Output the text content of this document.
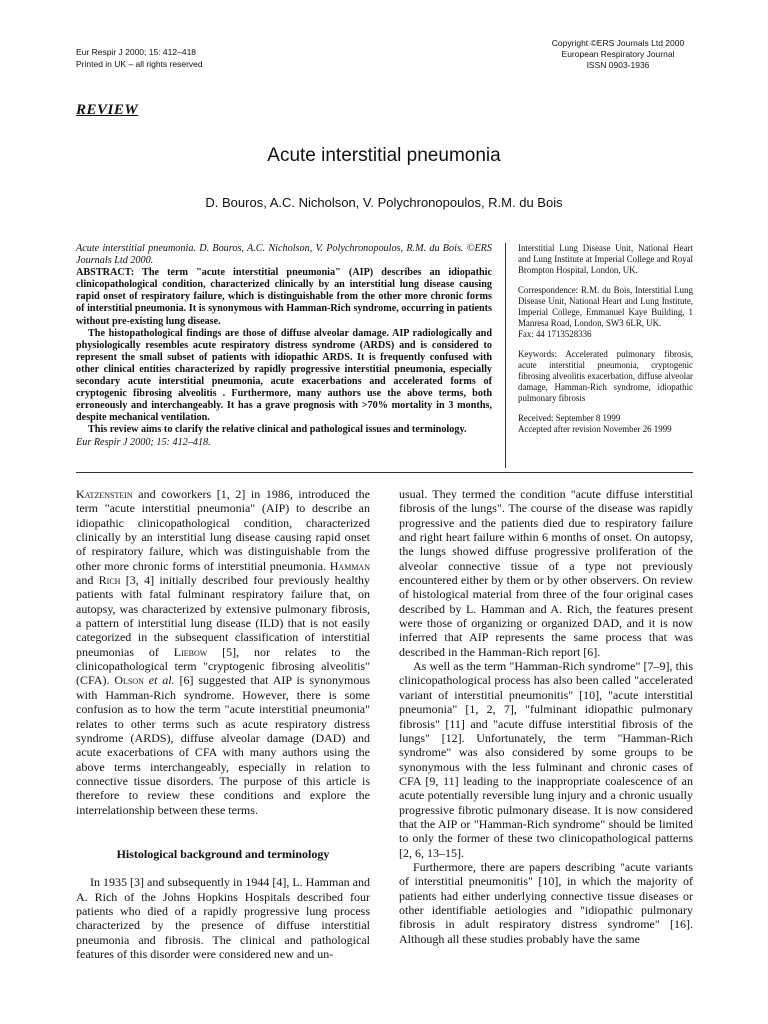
Eur Respir J 2000; 15: 412–418
Printed in UK – all rights reserved
Copyright ©ERS Journals Ltd 2000
European Respiratory Journal
ISSN 0903-1936
REVIEW
Acute interstitial pneumonia
D. Bouros, A.C. Nicholson, V. Polychronopoulos, R.M. du Bois

Acute interstitial pneumonia. D. Bouros, A.C. Nicholson, V. Polychronopoulos, R.M. du Bois. ©ERS Journals Ltd 2000.

ABSTRACT: The term "acute interstitial pneumonia" (AIP) describes an idiopathic clinicopathological condition, characterized clinically by an interstitial lung disease causing rapid onset of respiratory failure, which is distinguishable from the other more chronic forms of interstitial pneumonia. It is synonymous with Hamman-Rich syndrome, occurring in patients without pre-existing lung disease.

The histopathological findings are those of diffuse alveolar damage. AIP radiologically and physiologically resembles acute respiratory distress syndrome (ARDS) and is considered to represent the small subset of patients with idiopathic ARDS. It is frequently confused with other clinical entities characterized by rapidly progressive interstitial pneumonia, especially secondary acute interstitial pneumonia, acute exacerbations and accelerated forms of cryptogenic fibrosing alveolitis . Furthermore, many authors use the above terms, both erroneously and interchangeably. It has a grave prognosis with >70% mortality in 3 months, despite mechanical ventilation.

This review aims to clarify the relative clinical and pathological issues and terminology.

Eur Respir J 2000; 15: 412–418.

Interstitial Lung Disease Unit, National Heart and Lung Institute at Imperial College and Royal Brompton Hospital, London, UK.

Correspondence: R.M. du Bois, Interstitial Lung Disease Unit, National Heart and Lung Institute, Imperial College, Emmanuel Kaye Building, 1 Manresa Road, London, SW3 6LR, UK.
Fax: 44 1713528336

Keywords: Accelerated pulmonary fibrosis, acute interstitial pneumonia, cryptogenic fibrosing alveolitis exacerbation, diffuse alveolar damage, Hamman-Rich syndrome, idiopathic pulmonary fibrosis

Received: September 8 1999
Accepted after revision November 26 1999

Katzenstein and coworkers [1, 2] in 1986, introduced the term "acute interstitial pneumonia" (AIP) to describe an idiopathic clinicopathological condition, characterized clinically by an interstitial lung disease causing rapid onset of respiratory failure, which was distinguishable from the other more chronic forms of interstitial pneumonia. Hamman and Rich [3, 4] initially described four previously healthy patients with fatal fulminant respiratory failure that, on autopsy, was characterized by extensive pulmonary fibrosis, a pattern of interstitial lung disease (ILD) that is not easily categorized in the subsequent classification of interstitial pneumonias of Liebow [5], nor relates to the clinicopathological term "cryptogenic fibrosing alveolitis" (CFA). Olson et al. [6] suggested that AIP is synonymous with Hamman-Rich syndrome. However, there is some confusion as to how the term "acute interstitial pneumonia" relates to other terms such as acute respiratory distress syndrome (ARDS), diffuse alveolar damage (DAD) and acute exacerbations of CFA with many authors using the above terms interchangeably, especially in relation to connective tissue disorders. The purpose of this article is therefore to review these conditions and explore the interrelationship between these terms.

Histological background and terminology

In 1935 [3] and subsequently in 1944 [4], L. Hamman and A. Rich of the Johns Hopkins Hospitals described four patients who died of a rapidly progressive lung process characterized by the presence of diffuse interstitial pneumonia and fibrosis. The clinical and pathological features of this disorder were considered new and un-

usual. They termed the condition "acute diffuse interstitial fibrosis of the lungs". The course of the disease was rapidly progressive and the patients died due to respiratory failure and right heart failure within 6 months of onset. On autopsy, the lungs showed diffuse progressive proliferation of the alveolar connective tissue of a type not previously encountered either by them or by other observers. On review of histological material from three of the four original cases described by L. Hamman and A. Rich, the features present were those of organizing or organized DAD, and it is now inferred that AIP represents the same process that was described in the Hamman-Rich report [6].

As well as the term "Hamman-Rich syndrome" [7–9], this clinicopathological process has also been called "accelerated variant of interstitial pneumonitis" [10], "acute interstitial pneumonia" [1, 2, 7], "fulminant idiopathic pulmonary fibrosis" [11] and "acute diffuse interstitial fibrosis of the lungs" [12]. Unfortunately, the term "Hamman-Rich syndrome" was also considered by some groups to be synonymous with the less fulminant and chronic cases of CFA [9, 11] leading to the inappropriate coalescence of an acute potentially reversible lung injury and a chronic usually progressive fibrotic pulmonary disease. It is now considered that the AIP or "Hamman-Rich syndrome" should be limited to only the former of these two clinicopathological patterns [2, 6, 13–15].

Furthermore, there are papers describing "acute variants of interstitial pneumonitis" [10], in which the majority of patients had either underlying connective tissue diseases or other identifiable aetiologies and "idiopathic pulmonary fibrosis in adult respiratory distress syndrome" [16]. Although all these studies probably have the same
